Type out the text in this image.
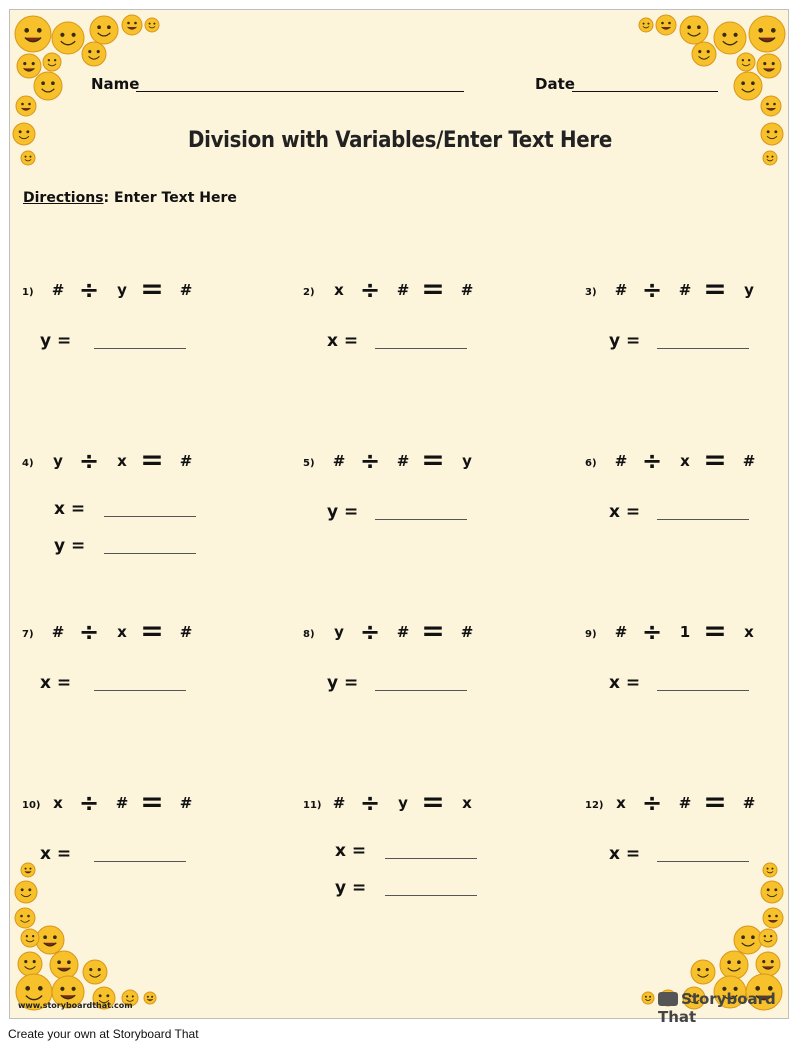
Name	Date
Division with Variables/Enter Text Here
Directions: Enter Text Here
1) # ÷	y = #
y =
2)	x ÷ # = #
x =
3) # ÷ # =	y
y =
4)	y ÷	x = #
x =
y =
5) # ÷ # =	y
y =
6) # ÷	x = #
x =
7) # ÷	x = #
x =
8)	y ÷ # = #
y =
9) # ÷	1 =	x
x =
10) x ÷ # = #
x =
11) # ÷	y =	x
x =
y =
12) x ÷ # = #
x =
www.storyboardthat.com	Storyboard That
Create your own at Storyboard That
